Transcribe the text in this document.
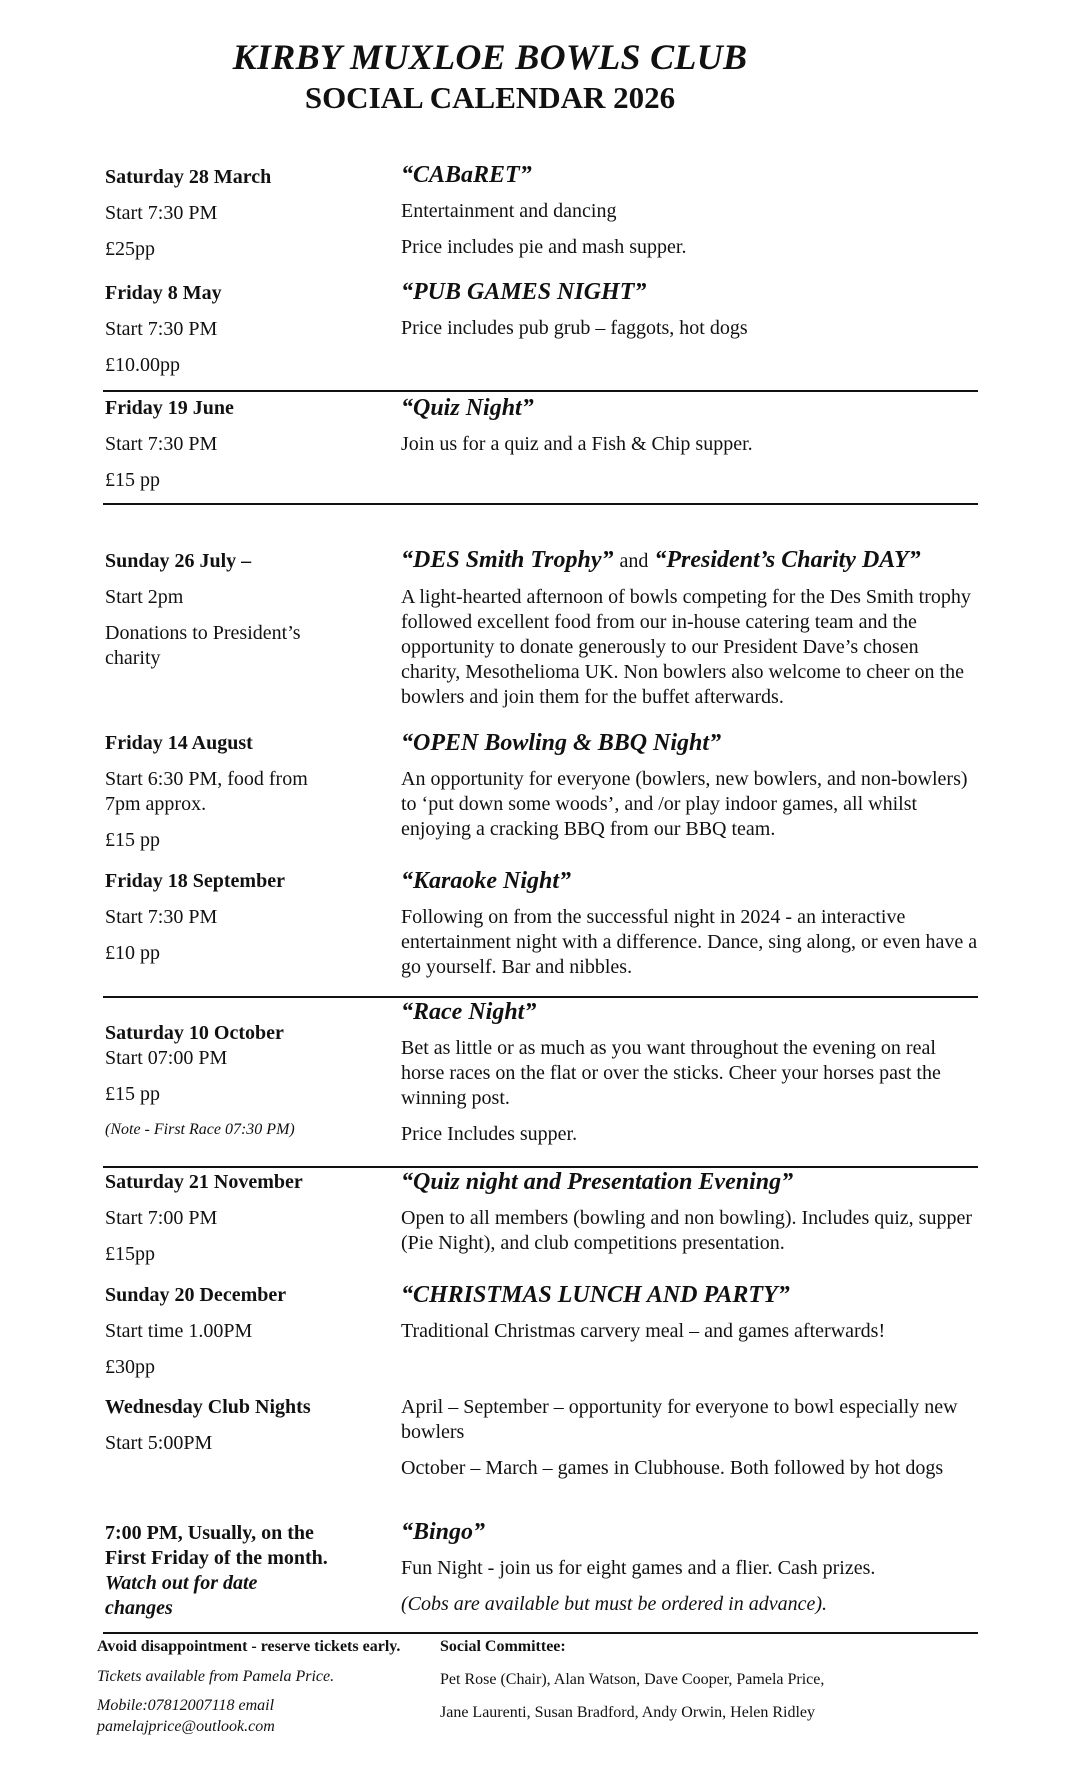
KIRBY MUXLOE BOWLS CLUB
SOCIAL CALENDAR 2026

Saturday 28 March

Start 7:30 PM

£25pp

“CABaRET”

Entertainment and dancing

Price includes pie and mash supper.

Friday 8 May

Start 7:30 PM

£10.00pp

“PUB GAMES NIGHT”

Price includes pub grub – faggots, hot dogs

Friday 19 June

Start 7:30 PM

£15 pp

“Quiz Night”

Join us for a quiz and a Fish & Chip supper.

Sunday 26 July –

Start 2pm

Donations to President’s charity

“DES Smith Trophy” and “President’s Charity DAY”

A light-hearted afternoon of bowls competing for the Des Smith trophy followed excellent food from our in-house catering team and the opportunity to donate generously to our President Dave’s chosen charity, Mesothelioma UK. Non bowlers also welcome to cheer on the bowlers and join them for the buffet afterwards.

Friday 14 August

Start 6:30 PM, food from 7pm approx.

£15 pp

“OPEN Bowling & BBQ Night”

An opportunity for everyone (bowlers, new bowlers, and non-bowlers) to ‘put down some woods’, and /or play indoor games, all whilst enjoying a cracking BBQ from our BBQ team.

Friday 18 September

Start 7:30 PM

£10 pp

“Karaoke Night”

Following on from the successful night in 2024 - an interactive entertainment night with a difference. Dance, sing along, or even have a go yourself. Bar and nibbles.

Saturday 10 October

Start 07:00 PM

£15 pp

(Note - First Race 07:30 PM)

“Race Night”

Bet as little or as much as you want throughout the evening on real horse races on the flat or over the sticks. Cheer your horses past the winning post.

Price Includes supper.

Saturday 21 November

Start 7:00 PM

£15pp

“Quiz night and Presentation Evening”

Open to all members (bowling and non bowling). Includes quiz, supper (Pie Night), and club competitions presentation.

Sunday 20 December

Start time 1.00PM

£30pp

“CHRISTMAS LUNCH AND PARTY”

Traditional Christmas carvery meal – and games afterwards!

Wednesday Club Nights

Start 5:00PM

April – September – opportunity for everyone to bowl especially new bowlers

October – March – games in Clubhouse. Both followed by hot dogs

7:00 PM, Usually, on the First Friday of the month.

Watch out for date changes

“Bingo”

Fun Night - join us for eight games and a flier. Cash prizes.

(Cobs are available but must be ordered in advance).

Avoid disappointment - reserve tickets early.

Tickets available from Pamela Price.

Mobile:07812007118 email pamelajprice@outlook.com

Social Committee:

Pet Rose (Chair), Alan Watson, Dave Cooper, Pamela Price,

Jane Laurenti, Susan Bradford, Andy Orwin, Helen Ridley
